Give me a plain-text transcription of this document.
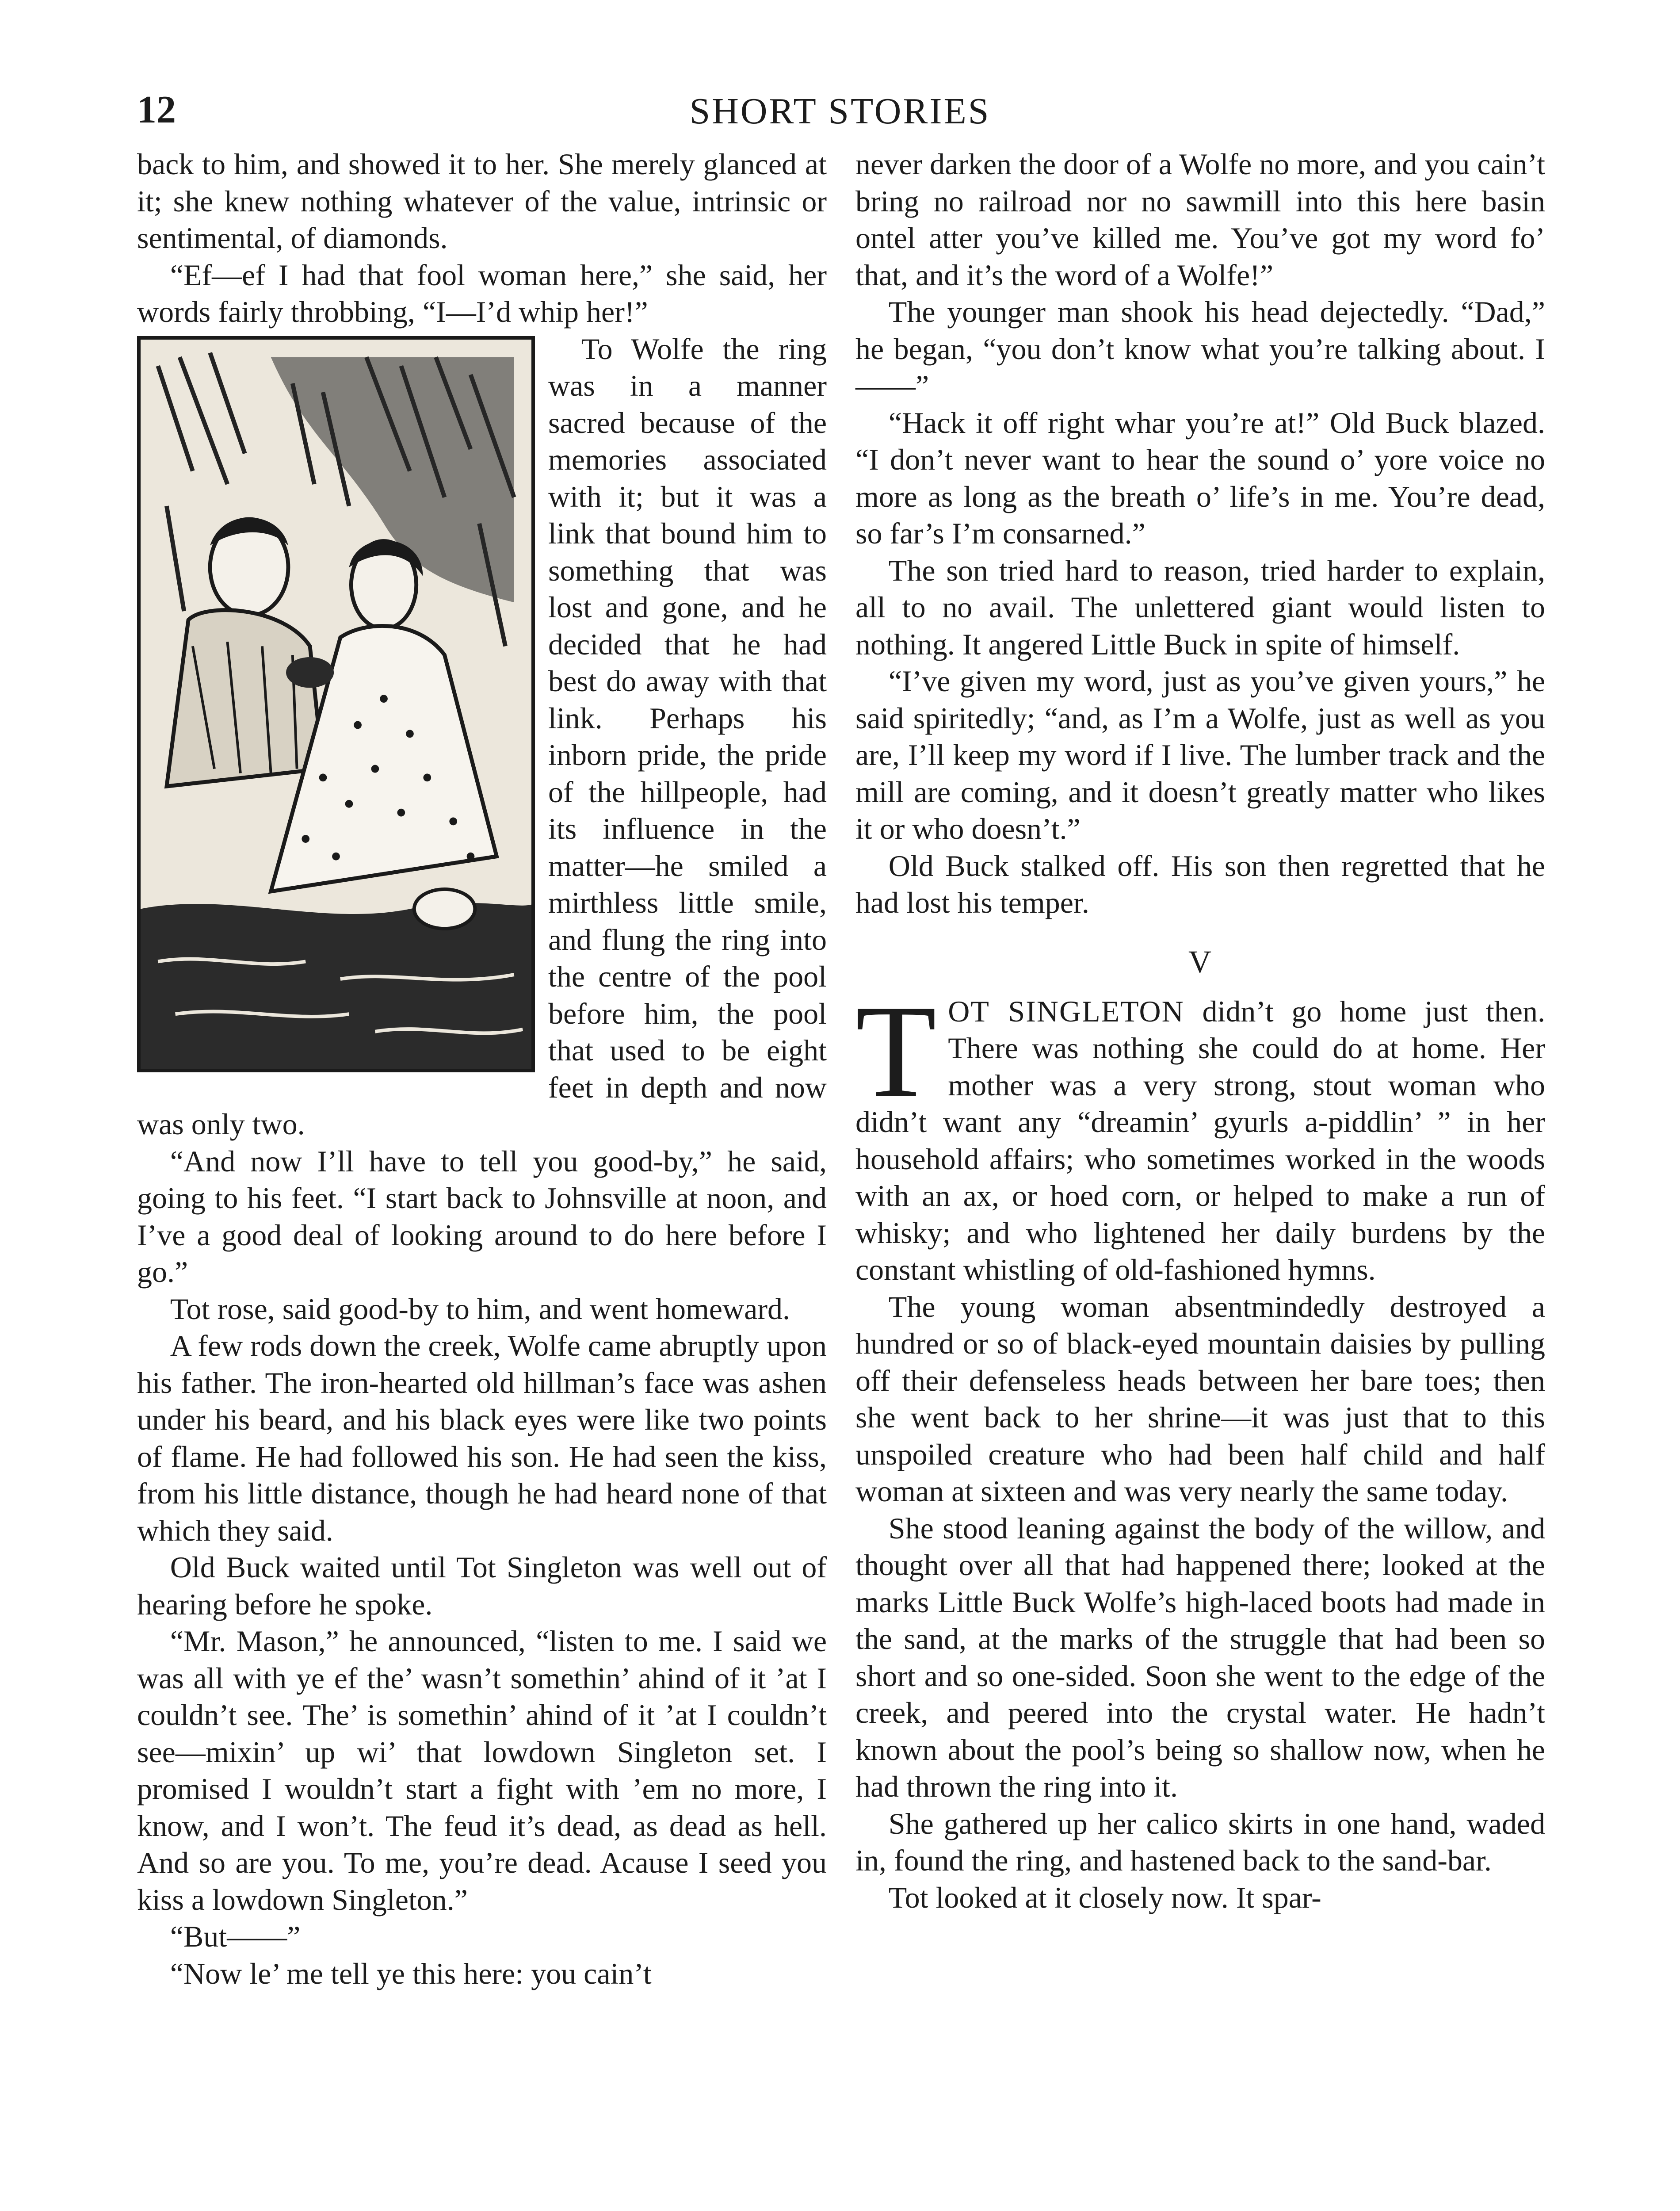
12	SHORT STORIES

back to him, and showed it to her. She merely glanced at it; she knew nothing whatever of the value, intrinsic or sentimental, of diamonds.

“Ef—ef I had that fool woman here,” she said, her words fairly throbbing, “I—I’d whip her!”

To Wolfe the ring was in a manner sacred because of the memories associated with it; but it was a link that bound him to something that was lost and gone, and he decided that he had best do away with that link. Perhaps his inborn pride, the pride of the hillpeople, had its influence in the matter—he smiled a mirthless little smile, and flung the ring into the centre of the pool before him, the pool that used to be eight feet in depth and now was only two.

“And now I’ll have to tell you good-by,” he said, going to his feet. “I start back to Johnsville at noon, and I’ve a good deal of looking around to do here before I go.”

Tot rose, said good-by to him, and went homeward.

A few rods down the creek, Wolfe came abruptly upon his father. The iron-hearted old hillman’s face was ashen under his beard, and his black eyes were like two points of flame. He had followed his son. He had seen the kiss, from his little distance, though he had heard none of that which they said.

Old Buck waited until Tot Singleton was well out of hearing before he spoke.

“Mr. Mason,” he announced, “listen to me. I said we was all with ye ef the’ wasn’t somethin’ ahind of it ’at I couldn’t see. The’ is somethin’ ahind of it ’at I couldn’t see—mixin’ up wi’ that lowdown Singleton set. I promised I wouldn’t start a fight with ’em no more, I know, and I won’t. The feud it’s dead, as dead as hell. And so are you. To me, you’re dead. Acause I seed you kiss a lowdown Singleton.”

“But——”

“Now le’ me tell ye this here: you cain’t

never darken the door of a Wolfe no more, and you cain’t bring no railroad nor no sawmill into this here basin ontel atter you’ve killed me. You’ve got my word fo’ that, and it’s the word of a Wolfe!”

The younger man shook his head dejectedly. “Dad,” he began, “you don’t know what you’re talking about. I——”

“Hack it off right whar you’re at!” Old Buck blazed. “I don’t never want to hear the sound o’ yore voice no more as long as the breath o’ life’s in me. You’re dead, so far’s I’m consarned.”

The son tried hard to reason, tried harder to explain, all to no avail. The unlettered giant would listen to nothing. It angered Little Buck in spite of himself.

“I’ve given my word, just as you’ve given yours,” he said spiritedly; “and, as I’m a Wolfe, just as well as you are, I’ll keep my word if I live. The lumber track and the mill are coming, and it doesn’t greatly matter who likes it or who doesn’t.”

Old Buck stalked off. His son then regretted that he had lost his temper.

V

TOT SINGLETON didn’t go home just then. There was nothing she could do at home. Her mother was a very strong, stout woman who didn’t want any “dreamin’ gyurls a-piddlin’ ” in her household affairs; who sometimes worked in the woods with an ax, or hoed corn, or helped to make a run of whisky; and who lightened her daily burdens by the constant whistling of old-fashioned hymns.

The young woman absentmindedly destroyed a hundred or so of black-eyed mountain daisies by pulling off their defenseless heads between her bare toes; then she went back to her shrine—it was just that to this unspoiled creature who had been half child and half woman at sixteen and was very nearly the same today.

She stood leaning against the body of the willow, and thought over all that had happened there; looked at the marks Little Buck Wolfe’s high-laced boots had made in the sand, at the marks of the struggle that had been so short and so one-sided. Soon she went to the edge of the creek, and peered into the crystal water. He hadn’t known about the pool’s being so shallow now, when he had thrown the ring into it.

She gathered up her calico skirts in one hand, waded in, found the ring, and hastened back to the sand-bar.

Tot looked at it closely now. It spar-
